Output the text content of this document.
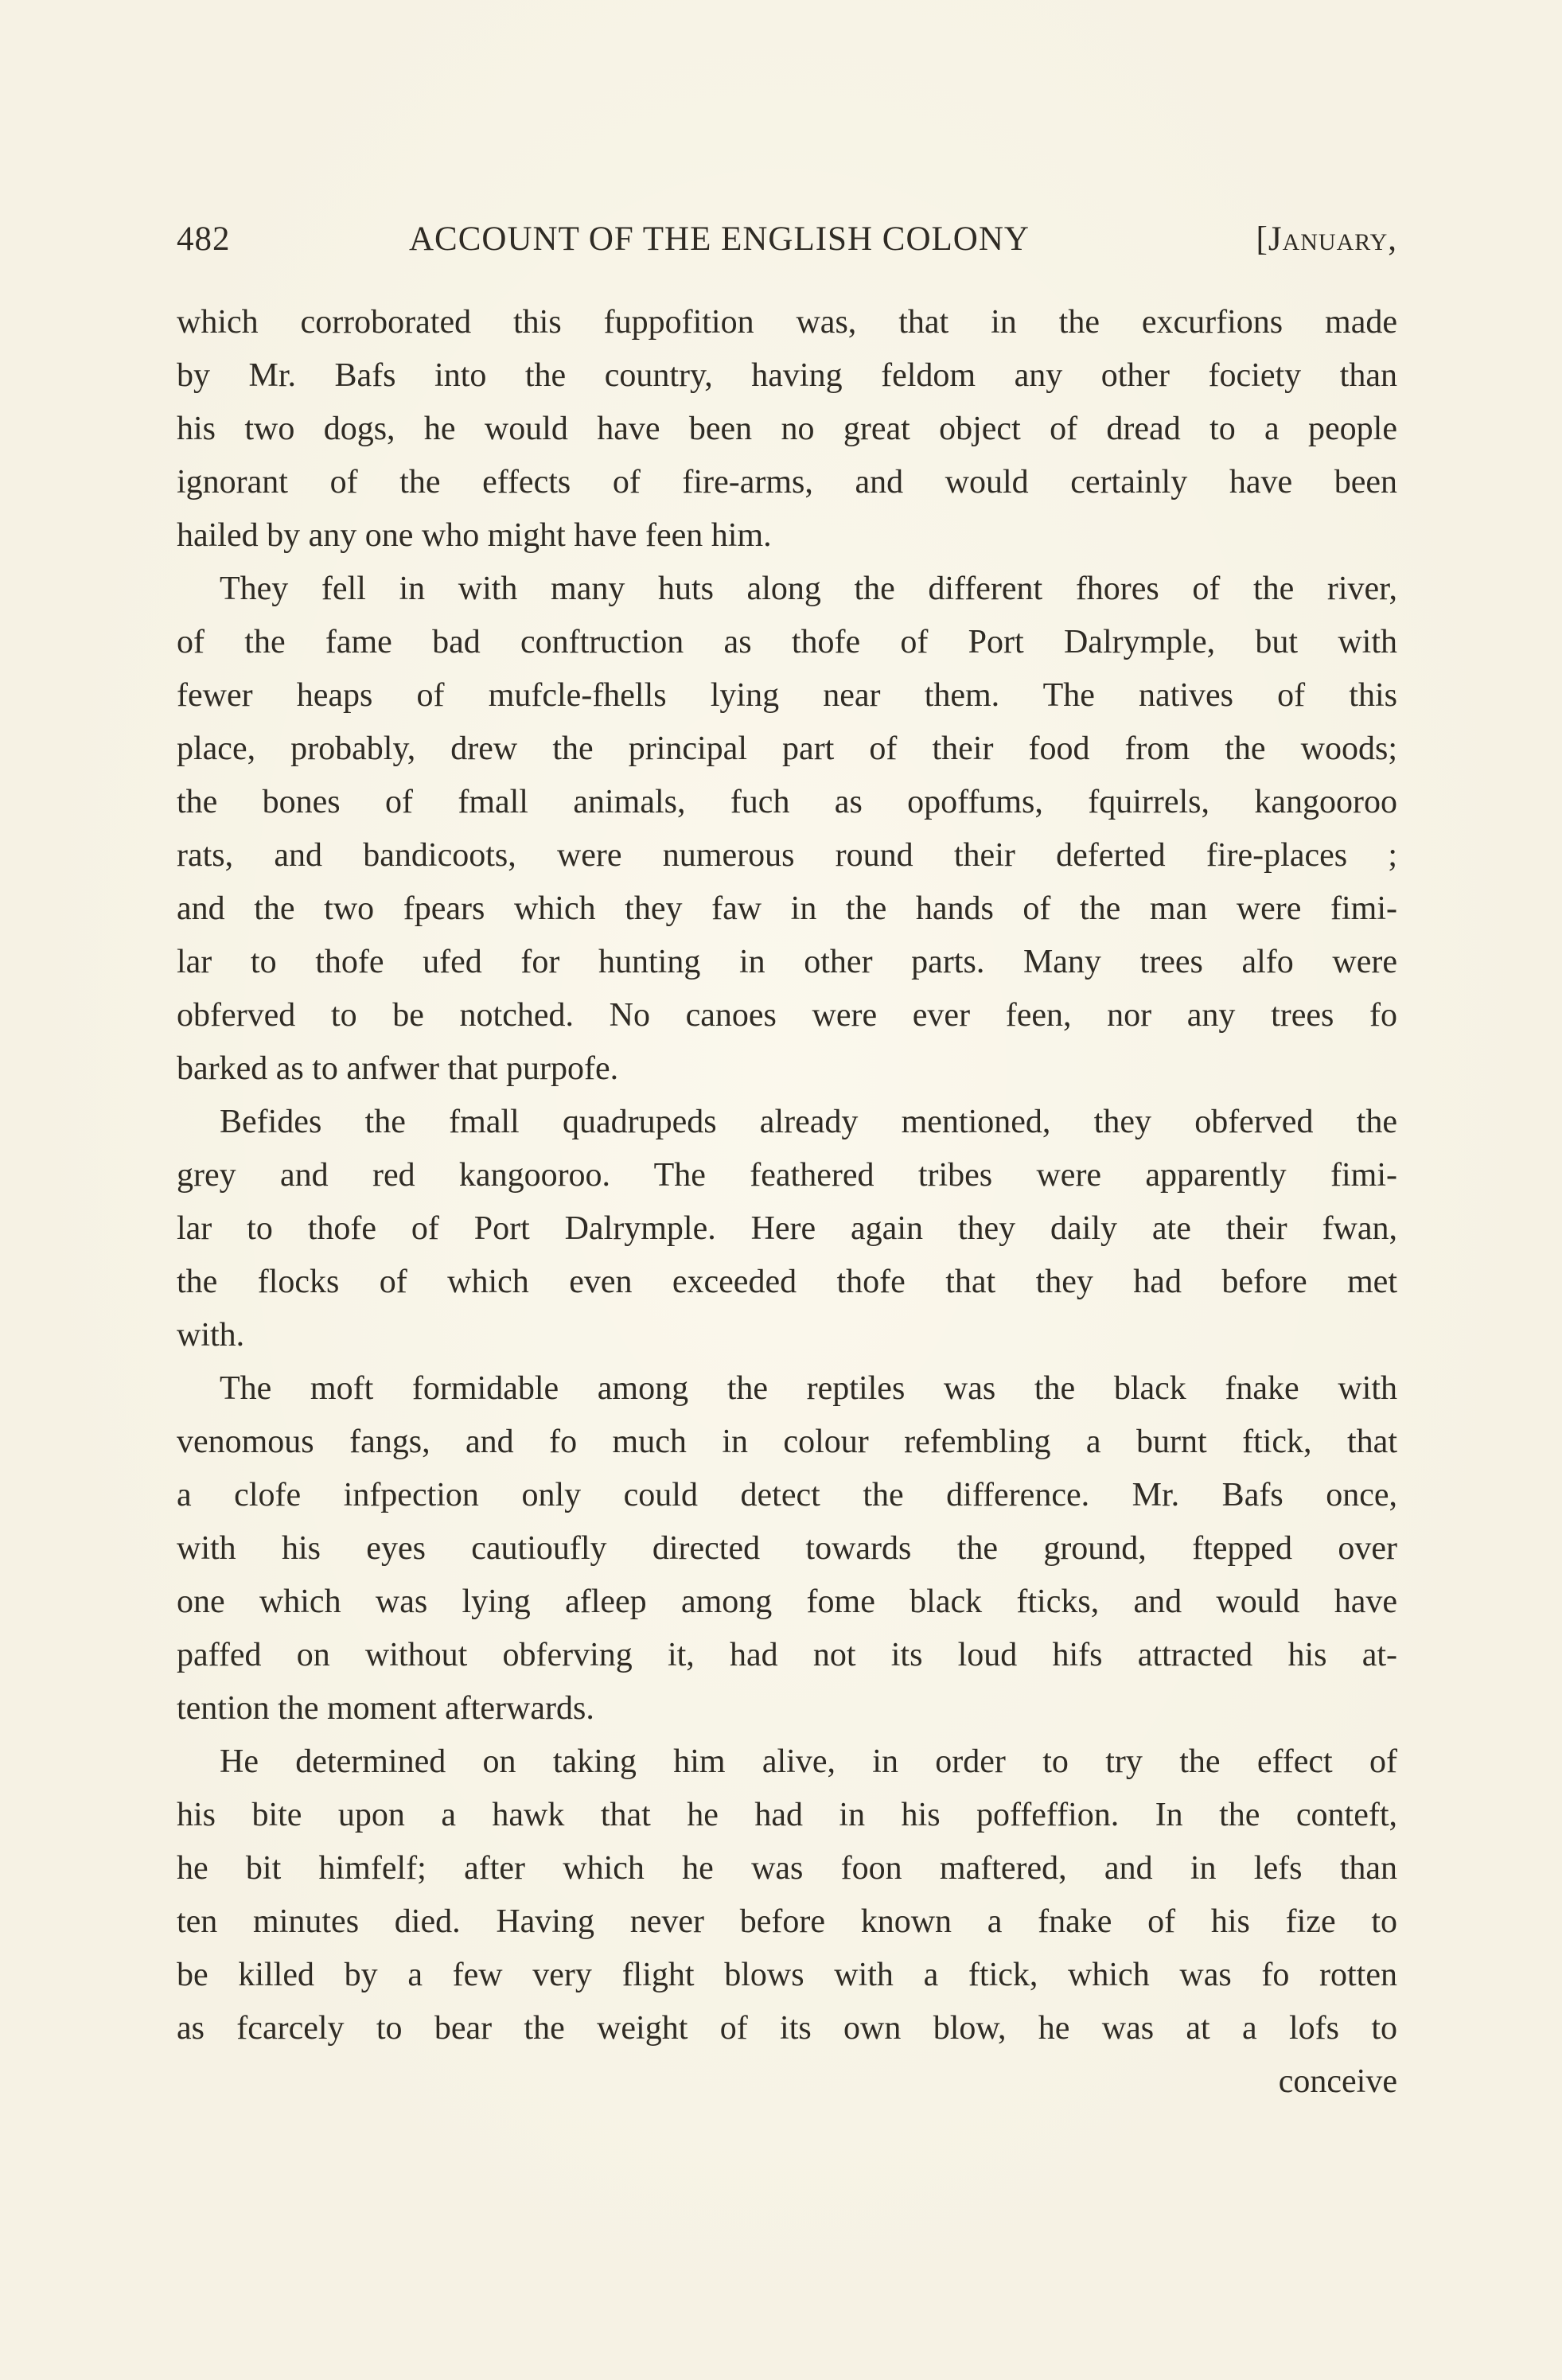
482	ACCOUNT OF THE ENGLISH COLONY	[January,
which corroborated this fuppofition was, that in the excurfions made
by Mr. Bafs into the country, having feldom any other fociety than
his two dogs, he would have been no great object of dread to a people
ignorant of the effects of fire-arms, and would certainly have been
hailed by any one who might have feen him.
They fell in with many huts along the different fhores of the river,
of the fame bad conftruction as thofe of Port Dalrymple, but with
fewer heaps of mufcle-fhells lying near them. The natives of this
place, probably, drew the principal part of their food from the woods;
the bones of fmall animals, fuch as opoffums, fquirrels, kangooroo
rats, and bandicoots, were numerous round their deferted fire-places ;
and the two fpears which they faw in the hands of the man were fimi-
lar to thofe ufed for hunting in other parts. Many trees alfo were
obferved to be notched. No canoes were ever feen, nor any trees fo
barked as to anfwer that purpofe.
Befides the fmall quadrupeds already mentioned, they obferved the
grey and red kangooroo. The feathered tribes were apparently fimi-
lar to thofe of Port Dalrymple. Here again they daily ate their fwan,
the flocks of which even exceeded thofe that they had before met
with.
The moft formidable among the reptiles was the black fnake with
venomous fangs, and fo much in colour refembling a burnt ftick, that
a clofe infpection only could detect the difference. Mr. Bafs once,
with his eyes cautioufly directed towards the ground, ftepped over
one which was lying afleep among fome black fticks, and would have
paffed on without obferving it, had not its loud hifs attracted his at-
tention the moment afterwards.
He determined on taking him alive, in order to try the effect of
his bite upon a hawk that he had in his poffeffion. In the conteft,
he bit himfelf; after which he was foon maftered, and in lefs than
ten minutes died. Having never before known a fnake of his fize to
be killed by a few very flight blows with a ftick, which was fo rotten
as fcarcely to bear the weight of its own blow, he was at a lofs to
conceive
